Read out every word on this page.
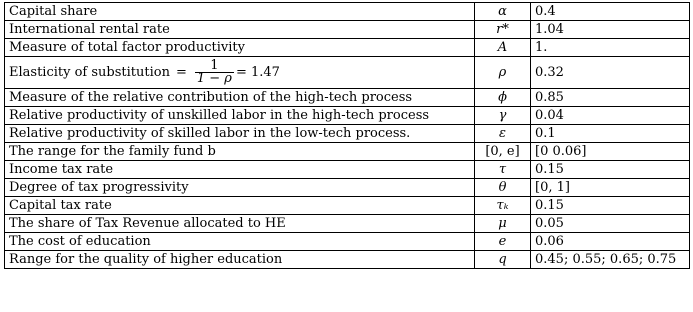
Capital share	α	0.4
International rental rate	r*	1.04
Measure of total factor productivity	A	1.
Elasticity of substitution = $\frac{1}{1 - \rho} = 1.47$	ρ	0.32
Measure of the relative contribution of the high-tech process	ϕ	0.85
Relative productivity of unskilled labor in the high-tech process	γ	0.04
Relative productivity of skilled labor in the low-tech process.	ε	0.1
The range for the family fund b	[0, e]	[0 0.06]
Income tax rate	τ	0.15
Degree of tax progressivity	θ	[0, 1]
Capital tax rate	τₖ	0.15
The share of Tax Revenue allocated to HE	μ	0.05
The cost of education	e	0.06
Range for the quality of higher education	q	0.45; 0.55; 0.65; 0.75
